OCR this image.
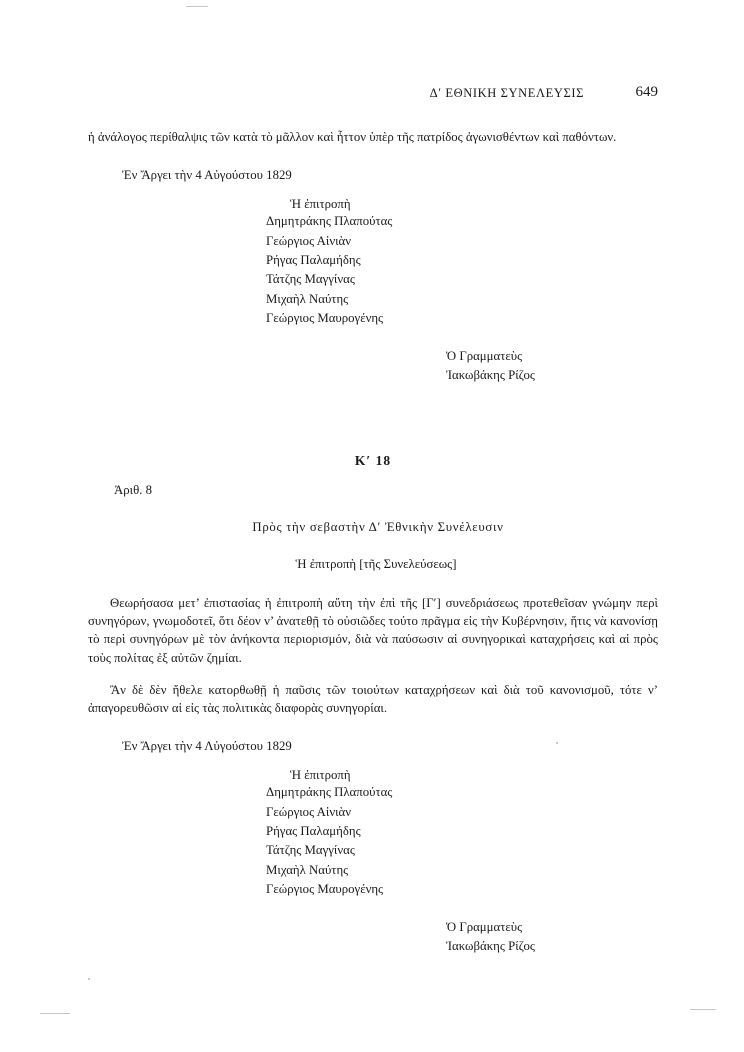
Δ′ ΕΘΝΙΚΗ ΣΥΝΕΛΕΥΣΙΣ	649

ἡ ἀνάλογος περίθαλψις τῶν κατὰ τὸ μᾶλλον καὶ ἧττον ὑπὲρ τῆς πατρίδος ἀγωνισθέντων καὶ παθόντων.

Ἐν Ἄργει τὴν 4 Αὐγούστου 1829
Ἡ ἐπιτροπὴ
Δημητράκης Πλαπούτας
Γεώργιος Αἰνιὰν
Ρήγας Παλαμήδης
Τάτζης Μαγγίνας
Μιχαὴλ Ναύτης
Γεώργιος Μαυρογένης
Ὁ Γραμματεὺς
Ἰακωβάκης Ρίζος
Κ′ 18
Ἀριθ. 8
Πρὸς τὴν σεβαστὴν Δ′ Ἐθνικὴν Συνέλευσιν
Ἡ ἐπιτροπὴ [τῆς Συνελεύσεως]

Θεωρήσασα μετ’ ἐπιστασίας ἡ ἐπιτροπὴ αὕτη τὴν ἐπὶ τῆς [Γ′] συνεδριάσεως προτεθεῖσαν γνώμην περὶ συνηγόρων, γνωμοδοτεῖ, ὅτι δέον ν’ ἀνατεθῇ τὸ οὐσιῶδες τούτο πρᾶγμα εἰς τὴν Κυβέρνησιν, ἥτις νὰ κανονίσῃ τὸ περὶ συνηγόρων μὲ τὸν ἀνήκοντα περιορισμόν, διὰ νὰ παύσωσιν αἱ συνηγορικαὶ καταχρήσεις καὶ αἱ πρὸς τοὺς πολίτας ἐξ αὐτῶν ζημίαι.

Ἂν δὲ δὲν ἤθελε κατορθωθῇ ἡ παῦσις τῶν τοιούτων καταχρήσεων καὶ διὰ τοῦ κανονισμοῦ, τότε ν’ ἀπαγορευθῶσιν αἱ εἰς τὰς πολιτικὰς διαφορὰς συνηγορίαι.

Ἐν Ἄργει τὴν 4 Λὐγούστου 1829
Ἡ ἐπιτροπὴ
Δημητράκης Πλαπούτας
Γεώργιος Αἰνιὰν
Ρήγας Παλαμήδης
Τάτζης Μαγγίνας
Μιχαὴλ Ναύτης
Γεώργιος Μαυρογένης
Ὁ Γραμματεὺς
Ἰακωβάκης Ρίζος
